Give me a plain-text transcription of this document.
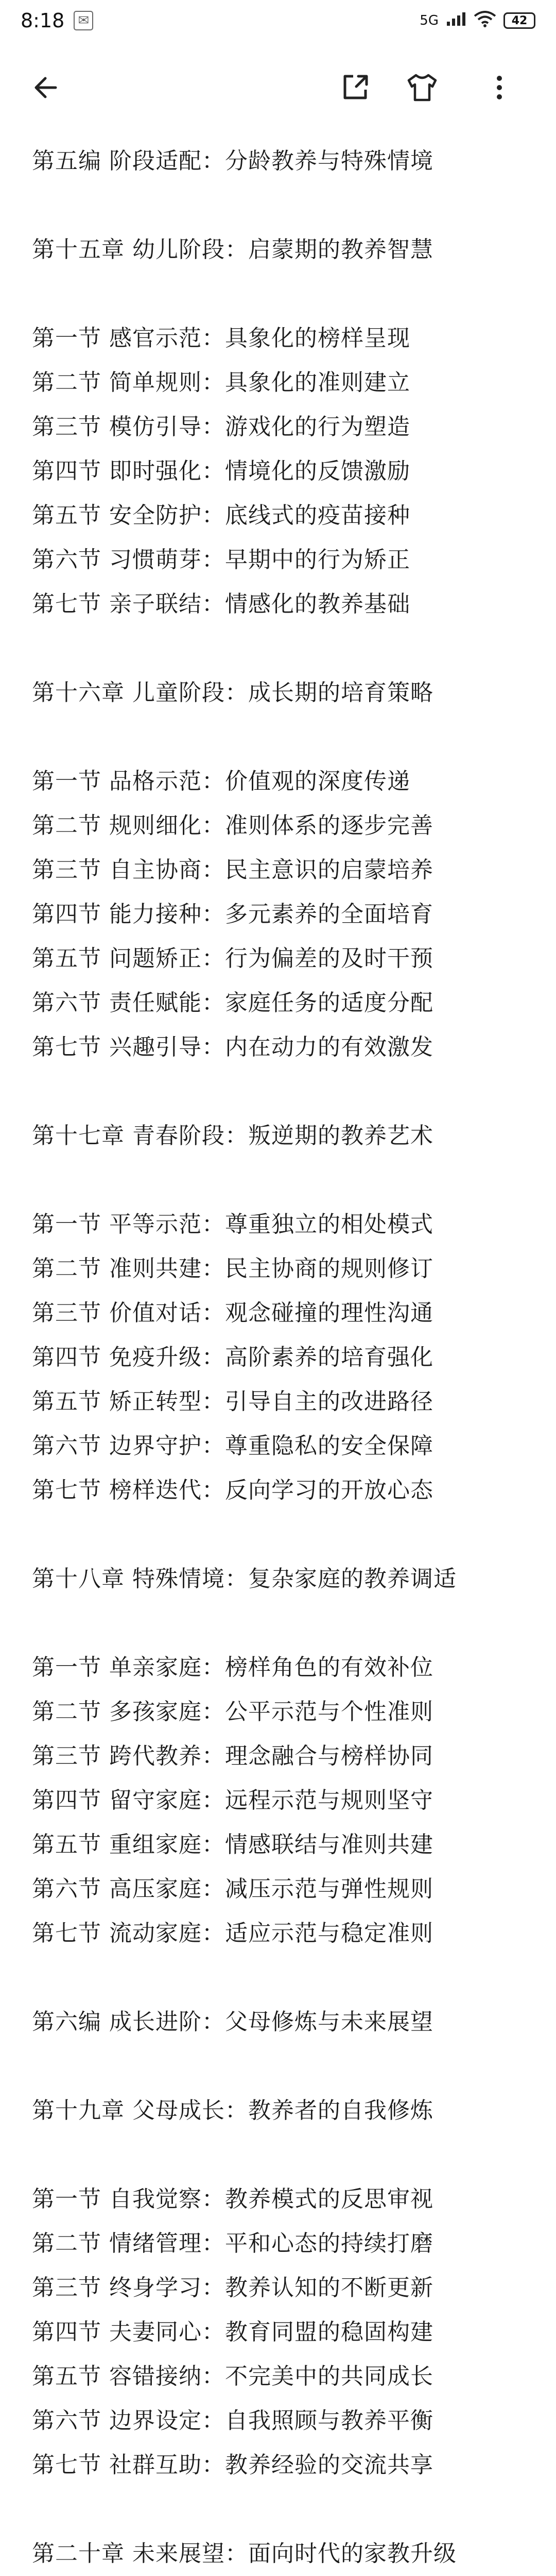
8:18	✉	5G	42
第五编 阶段适配：分龄教养与特殊情境
第十五章 幼儿阶段：启蒙期的教养智慧
第一节 感官示范：具象化的榜样呈现
第二节 简单规则：具象化的准则建立
第三节 模仿引导：游戏化的行为塑造
第四节 即时强化：情境化的反馈激励
第五节 安全防护：底线式的疫苗接种
第六节 习惯萌芽：早期中的行为矫正
第七节 亲子联结：情感化的教养基础
第十六章 儿童阶段：成长期的培育策略
第一节 品格示范：价值观的深度传递
第二节 规则细化：准则体系的逐步完善
第三节 自主协商：民主意识的启蒙培养
第四节 能力接种：多元素养的全面培育
第五节 问题矫正：行为偏差的及时干预
第六节 责任赋能：家庭任务的适度分配
第七节 兴趣引导：内在动力的有效激发
第十七章 青春阶段：叛逆期的教养艺术
第一节 平等示范：尊重独立的相处模式
第二节 准则共建：民主协商的规则修订
第三节 价值对话：观念碰撞的理性沟通
第四节 免疫升级：高阶素养的培育强化
第五节 矫正转型：引导自主的改进路径
第六节 边界守护：尊重隐私的安全保障
第七节 榜样迭代：反向学习的开放心态
第十八章 特殊情境：复杂家庭的教养调适
第一节 单亲家庭：榜样角色的有效补位
第二节 多孩家庭：公平示范与个性准则
第三节 跨代教养：理念融合与榜样协同
第四节 留守家庭：远程示范与规则坚守
第五节 重组家庭：情感联结与准则共建
第六节 高压家庭：减压示范与弹性规则
第七节 流动家庭：适应示范与稳定准则
第六编 成长进阶：父母修炼与未来展望
第十九章 父母成长：教养者的自我修炼
第一节 自我觉察：教养模式的反思审视
第二节 情绪管理：平和心态的持续打磨
第三节 终身学习：教养认知的不断更新
第四节 夫妻同心：教育同盟的稳固构建
第五节 容错接纳：不完美中的共同成长
第六节 边界设定：自我照顾与教养平衡
第七节 社群互助：教养经验的交流共享
第二十章 未来展望：面向时代的家教升级
